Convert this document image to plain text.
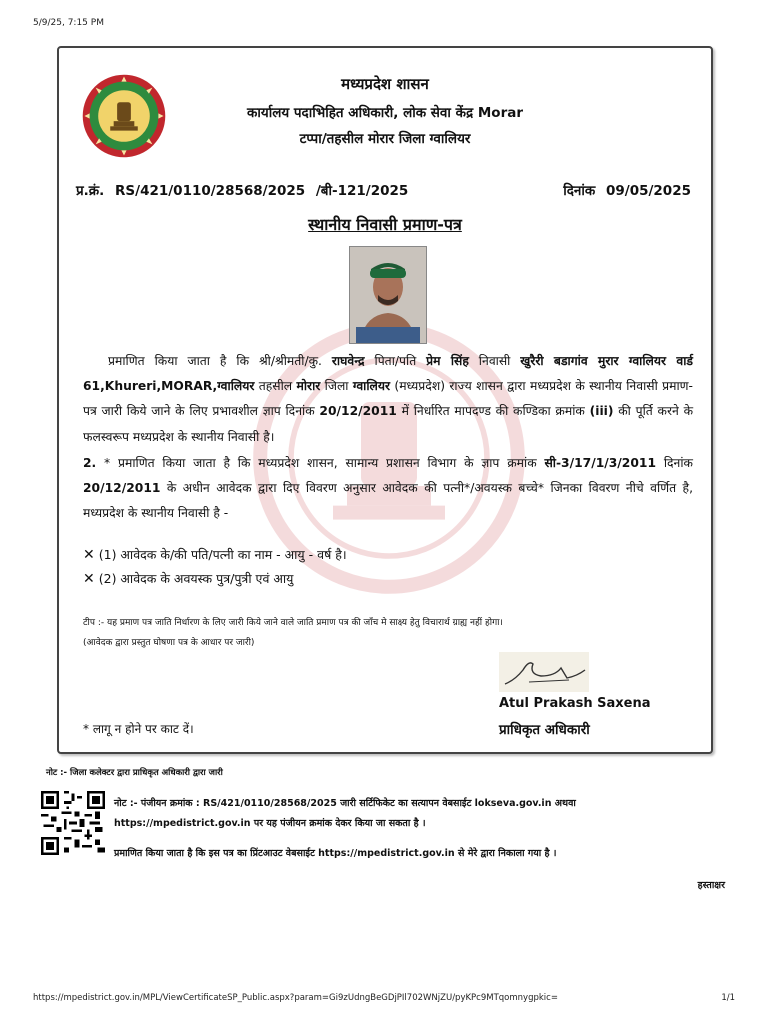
5/9/25, 7:15 PM
मध्यप्रदेश शासन
कार्यालय पदाभिहित अधिकारी, लोक सेवा केंद्र Morar
टप्पा/तहसील मोरार जिला ग्वालियर
प्र.क्रं. RS/421/0110/28568/2025 /बी-121/2025	दिनांक 09/05/2025
स्थानीय निवासी प्रमाण-पत्र
प्रमाणित किया जाता है कि श्री/श्रीमती/कु. राघवेन्द्र पिता/पति प्रेम सिंह निवासी खुरैरी बडागांव मुरार ग्वालियर वार्ड 61,Khureri,MORAR,ग्वालियर तहसील मोरार जिला ग्वालियर (मध्यप्रदेश) राज्य शासन द्वारा मध्यप्रदेश के स्थानीय निवासी प्रमाण-पत्र जारी किये जाने के लिए प्रभावशील ज्ञाप दिनांक 20/12/2011 में निर्धारित मापदण्ड की कण्डिका क्रमांक (iii) की पूर्ति करने के फलस्वरूप मध्यप्रदेश के स्थानीय निवासी है।
2. * प्रमाणित किया जाता है कि मध्यप्रदेश शासन, सामान्य प्रशासन विभाग के ज्ञाप क्रमांक सी-3/17/1/3/2011 दिनांक 20/12/2011 के अधीन आवेदक द्वारा दिए विवरण अनुसार आवेदक की पत्नी*/अवयस्क बच्चे* जिनका विवरण नीचे वर्णित है, मध्यप्रदेश के स्थानीय निवासी है -
✕ (1) आवेदक के/की पति/पत्नी का नाम - आयु - वर्ष है।
✕ (2) आवेदक के अवयस्क पुत्र/पुत्री एवं आयु
टीप :- यह प्रमाण पत्र जाति निर्धारण के लिए जारी किये जाने वाले जाति प्रमाण पत्र की जाँच मे साक्ष्य हेतु विचारार्थ ग्राह्य नहीं होगा।
(आवेदक द्वारा प्रस्तुत घोषणा पत्र के आधार पर जारी)
Atul Prakash Saxena
प्राधिकृत अधिकारी
* लागू न होने पर काट दें।
नोट :- जिला कलेक्टर द्वारा प्राधिकृत अधिकारी द्वारा जारी
नोट :- पंजीयन क्रमांक : RS/421/0110/28568/2025 जारी सर्टिफिकेट का सत्यापन वेबसाईट lokseva.gov.in अथवा
https://mpedistrict.gov.in पर यह पंजीयन क्रमांक देकर किया जा सकता है ।
प्रमाणित किया जाता है कि इस पत्र का प्रिंटआउट वेबसाईट https://mpedistrict.gov.in से मेरे द्वारा निकाला गया है ।
हस्ताक्षर
https://mpedistrict.gov.in/MPL/ViewCertificateSP_Public.aspx?param=Gi9zUdngBeGDjPIl702WNjZU/pyKPc9MTqomnygpkic=	1/1
